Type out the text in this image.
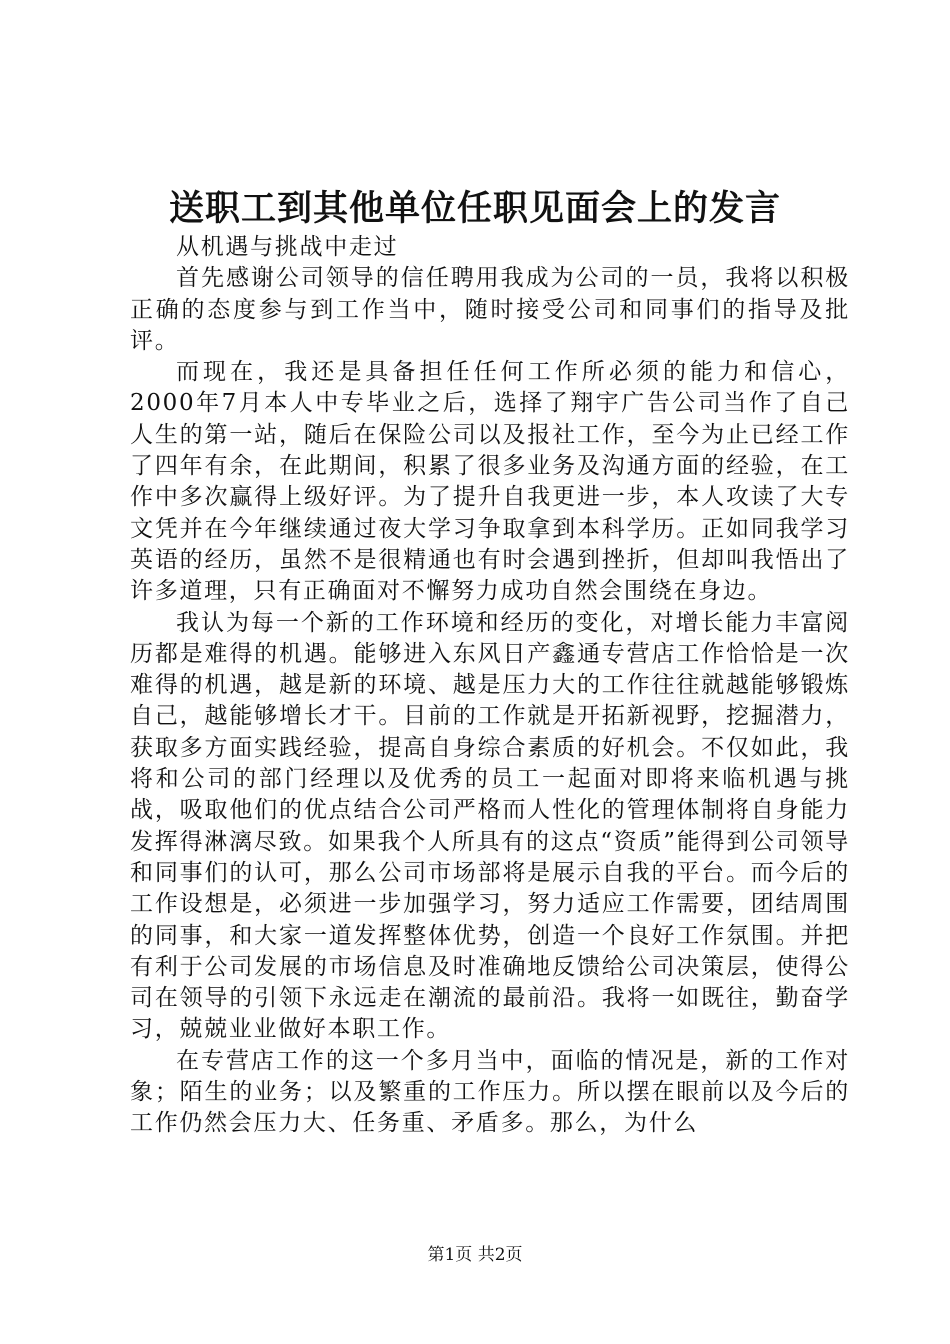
送职工到其他单位任职见面会上的发言

从机遇与挑战中走过

首先感谢公司领导的信任聘用我成为公司的一员，我将以积极正确的态度参与到工作当中，随时接受公司和同事们的指导及批评。

而现在，我还是具备担任任何工作所必须的能力和信心，2000年7月本人中专毕业之后，选择了翔宇广告公司当作了自己人生的第一站，随后在保险公司以及报社工作，至今为止已经工作了四年有余，在此期间，积累了很多业务及沟通方面的经验，在工作中多次赢得上级好评。为了提升自我更进一步，本人攻读了大专文凭并在今年继续通过夜大学习争取拿到本科学历。正如同我学习英语的经历，虽然不是很精通也有时会遇到挫折，但却叫我悟出了许多道理，只有正确面对不懈努力成功自然会围绕在身边。

我认为每一个新的工作环境和经历的变化，对增长能力丰富阅历都是难得的机遇。能够进入东风日产鑫通专营店工作恰恰是一次难得的机遇，越是新的环境、越是压力大的工作往往就越能够锻炼自己，越能够增长才干。目前的工作就是开拓新视野，挖掘潜力，获取多方面实践经验，提高自身综合素质的好机会。不仅如此，我将和公司的部门经理以及优秀的员工一起面对即将来临机遇与挑战，吸取他们的优点结合公司严格而人性化的管理体制将自身能力发挥得淋漓尽致。如果我个人所具有的这点“资质”能得到公司领导和同事们的认可，那么公司市场部将是展示自我的平台。而今后的工作设想是，必须进一步加强学习，努力适应工作需要，团结周围的同事，和大家一道发挥整体优势，创造一个良好工作氛围。并把有利于公司发展的市场信息及时准确地反馈给公司决策层，使得公司在领导的引领下永远走在潮流的最前沿。我将一如既往，勤奋学习，兢兢业业做好本职工作。

在专营店工作的这一个多月当中，面临的情况是，新的工作对象；陌生的业务；以及繁重的工作压力。所以摆在眼前以及今后的工作仍然会压力大、任务重、矛盾多。那么，为什么

第1页 共2页
